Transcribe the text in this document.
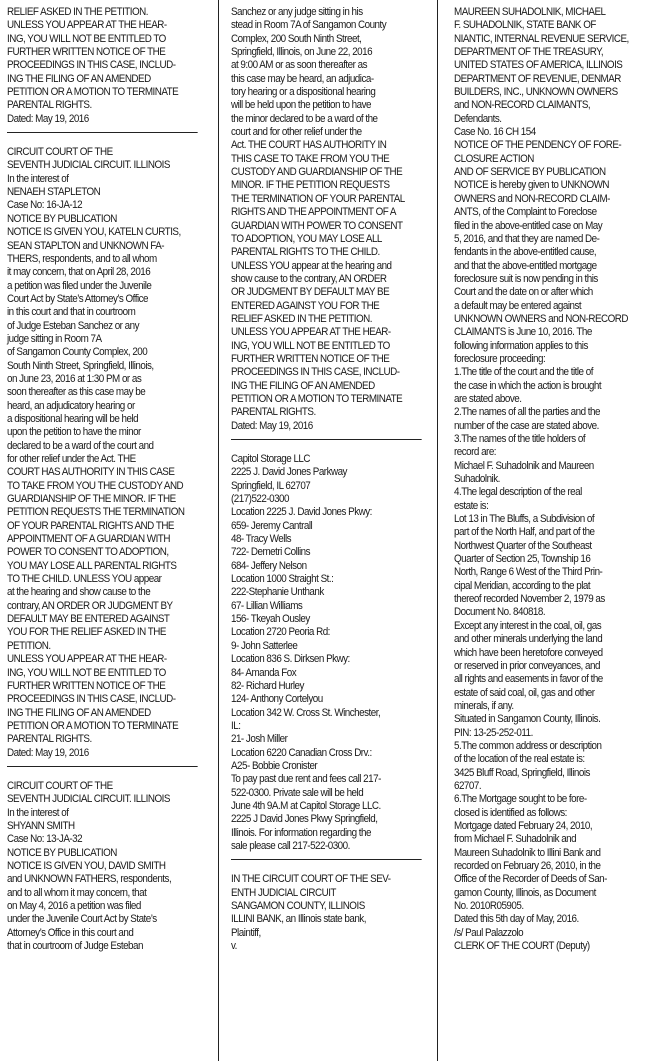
RELIEF ASKED IN THE PETITION.
UNLESS YOU APPEAR AT THE HEAR-
ING, YOU WILL NOT BE ENTITLED TO
FURTHER WRITTEN NOTICE OF THE
PROCEEDINGS IN THIS CASE, INCLUD-
ING THE FILING OF AN AMENDED
PETITION OR A MOTION TO TERMINATE
PARENTAL RIGHTS.
Dated: May 19, 2016
CIRCUIT COURT OF THE
SEVENTH JUDICIAL CIRCUIT. ILLINOIS
In the interest of
NENAEH STAPLETON
Case No: 16-JA-12
NOTICE BY PUBLICATION
NOTICE IS GIVEN YOU, KATELN CURTIS,
SEAN STAPLTON and UNKNOWN FA-
THERS, respondents, and to all whom
it may concern, that on April 28, 2016
a petition was filed under the Juvenile
Court Act by State’s Attorney’s Office
in this court and that in courtroom
of Judge Esteban Sanchez or any
judge sitting in Room 7A
of Sangamon County Complex, 200
South Ninth Street, Springfield, Illinois,
on June 23, 2016 at 1:30 PM or as
soon thereafter as this case may be
heard, an adjudicatory hearing or
a dispositional hearing will be held
upon the petition to have the minor
declared to be a ward of the court and
for other relief under the Act. THE
COURT HAS AUTHORITY IN THIS CASE
TO TAKE FROM YOU THE CUSTODY AND
GUARDIANSHIP OF THE MINOR. IF THE
PETITION REQUESTS THE TERMINATION
OF YOUR PARENTAL RIGHTS AND THE
APPOINTMENT OF A GUARDIAN WITH
POWER TO CONSENT TO ADOPTION,
YOU MAY LOSE ALL PARENTAL RIGHTS
TO THE CHILD. UNLESS YOU appear
at the hearing and show cause to the
contrary, AN ORDER OR JUDGMENT BY
DEFAULT MAY BE ENTERED AGAINST
YOU FOR THE RELIEF ASKED IN THE
PETITION.
UNLESS YOU APPEAR AT THE HEAR-
ING, YOU WILL NOT BE ENTITLED TO
FURTHER WRITTEN NOTICE OF THE
PROCEEDINGS IN THIS CASE, INCLUD-
ING THE FILING OF AN AMENDED
PETITION OR A MOTION TO TERMINATE
PARENTAL RIGHTS.
Dated: May 19, 2016
CIRCUIT COURT OF THE
SEVENTH JUDICIAL CIRCUIT. ILLINOIS
In the interest of
SHYANN SMITH
Case No: 13-JA-32
NOTICE BY PUBLICATION
NOTICE IS GIVEN YOU, DAVID SMITH
and UNKNOWN FATHERS, respondents,
and to all whom it may concern, that
on May 4, 2016 a petition was filed
under the Juvenile Court Act by State’s
Attorney’s Office in this court and
that in courtroom of Judge Esteban
Sanchez or any judge sitting in his
stead in Room 7A of Sangamon County
Complex, 200 South Ninth Street,
Springfield, Illinois, on June 22, 2016
at 9:00 AM or as soon thereafter as
this case may be heard, an adjudica-
tory hearing or a dispositional hearing
will be held upon the petition to have
the minor declared to be a ward of the
court and for other relief under the
Act. THE COURT HAS AUTHORITY IN
THIS CASE TO TAKE FROM YOU THE
CUSTODY AND GUARDIANSHIP OF THE
MINOR. IF THE PETITION REQUESTS
THE TERMINATION OF YOUR PARENTAL
RIGHTS AND THE APPOINTMENT OF A
GUARDIAN WITH POWER TO CONSENT
TO ADOPTION, YOU MAY LOSE ALL
PARENTAL RIGHTS TO THE CHILD.
UNLESS YOU appear at the hearing and
show cause to the contrary, AN ORDER
OR JUDGMENT BY DEFAULT MAY BE
ENTERED AGAINST YOU FOR THE
RELIEF ASKED IN THE PETITION.
UNLESS YOU APPEAR AT THE HEAR-
ING, YOU WILL NOT BE ENTITLED TO
FURTHER WRITTEN NOTICE OF THE
PROCEEDINGS IN THIS CASE, INCLUD-
ING THE FILING OF AN AMENDED
PETITION OR A MOTION TO TERMINATE
PARENTAL RIGHTS.
Dated: May 19, 2016
Capitol Storage LLC
2225 J. David Jones Parkway
Springfield, IL 62707
(217)522-0300
Location 2225 J. David Jones Pkwy:
659- Jeremy Cantrall
48- Tracy Wells
722- Demetri Collins
684- Jeffery Nelson
Location 1000 Straight St.:
222-Stephanie Unthank
67- Lillian Williams
156- Tkeyah Ousley
Location 2720 Peoria Rd:
9- John Satterlee
Location 836 S. Dirksen Pkwy:
84- Amanda Fox
82- Richard Hurley
124- Anthony Cortelyou
Location 342 W. Cross St. Winchester,
IL:
21- Josh Miller
Location 6220 Canadian Cross Drv.:
A25- Bobbie Cronister
To pay past due rent and fees call 217-
522-0300. Private sale will be held
June 4th 9A.M at Capitol Storage LLC.
2225 J David Jones Pkwy Springfield,
Illinois. For information regarding the
sale please call 217-522-0300.
IN THE CIRCUIT COURT OF THE SEV-
ENTH JUDICIAL CIRCUIT
SANGAMON COUNTY, ILLINOIS
ILLINI BANK, an Illinois state bank,
Plaintiff,
v.
MAUREEN SUHADOLNIK, MICHAEL
F. SUHADOLNIK, STATE BANK OF
NIANTIC, INTERNAL REVENUE SERVICE,
DEPARTMENT OF THE TREASURY,
UNITED STATES OF AMERICA, ILLINOIS
DEPARTMENT OF REVENUE, DENMAR
BUILDERS, INC., UNKNOWN OWNERS
and NON-RECORD CLAIMANTS,
Defendants.
Case No. 16 CH 154
NOTICE OF THE PENDENCY OF FORE-
CLOSURE ACTION
AND OF SERVICE BY PUBLICATION
NOTICE is hereby given to UNKNOWN
OWNERS and NON-RECORD CLAIM-
ANTS, of the Complaint to Foreclose
filed in the above-entitled case on May
5, 2016, and that they are named De-
fendants in the above-entitled cause,
and that the above-entitled mortgage
foreclosure suit is now pending in this
Court and the date on or after which
a default may be entered against
UNKNOWN OWNERS and NON-RECORD
CLAIMANTS is June 10, 2016. The
following information applies to this
foreclosure proceeding:
1.The title of the court and the title of
the case in which the action is brought
are stated above.
2.The names of all the parties and the
number of the case are stated above.
3.The names of the title holders of
record are:
Michael F. Suhadolnik and Maureen
Suhadolnik.
4.The legal description of the real
estate is:
Lot 13 in The Bluffs, a Subdivision of
part of the North Half, and part of the
Northwest Quarter of the Southeast
Quarter of Section 25, Township 16
North, Range 6 West of the Third Prin-
cipal Meridian, according to the plat
thereof recorded November 2, 1979 as
Document No. 840818.
Except any interest in the coal, oil, gas
and other minerals underlying the land
which have been heretofore conveyed
or reserved in prior conveyances, and
all rights and easements in favor of the
estate of said coal, oil, gas and other
minerals, if any.
Situated in Sangamon County, Illinois.
PIN: 13-25-252-011.
5.The common address or description
of the location of the real estate is:
3425 Bluff Road, Springfield, Illinois
62707.
6.The Mortgage sought to be fore-
closed is identified as follows:
Mortgage dated February 24, 2010,
from Michael F. Suhadolnik and
Maureen Suhadolnik to Illini Bank and
recorded on February 26, 2010, in the
Office of the Recorder of Deeds of San-
gamon County, Illinois, as Document
No. 2010R05905.
Dated this 5th day of May, 2016.
/s/ Paul Palazzolo
CLERK OF THE COURT (Deputy)
